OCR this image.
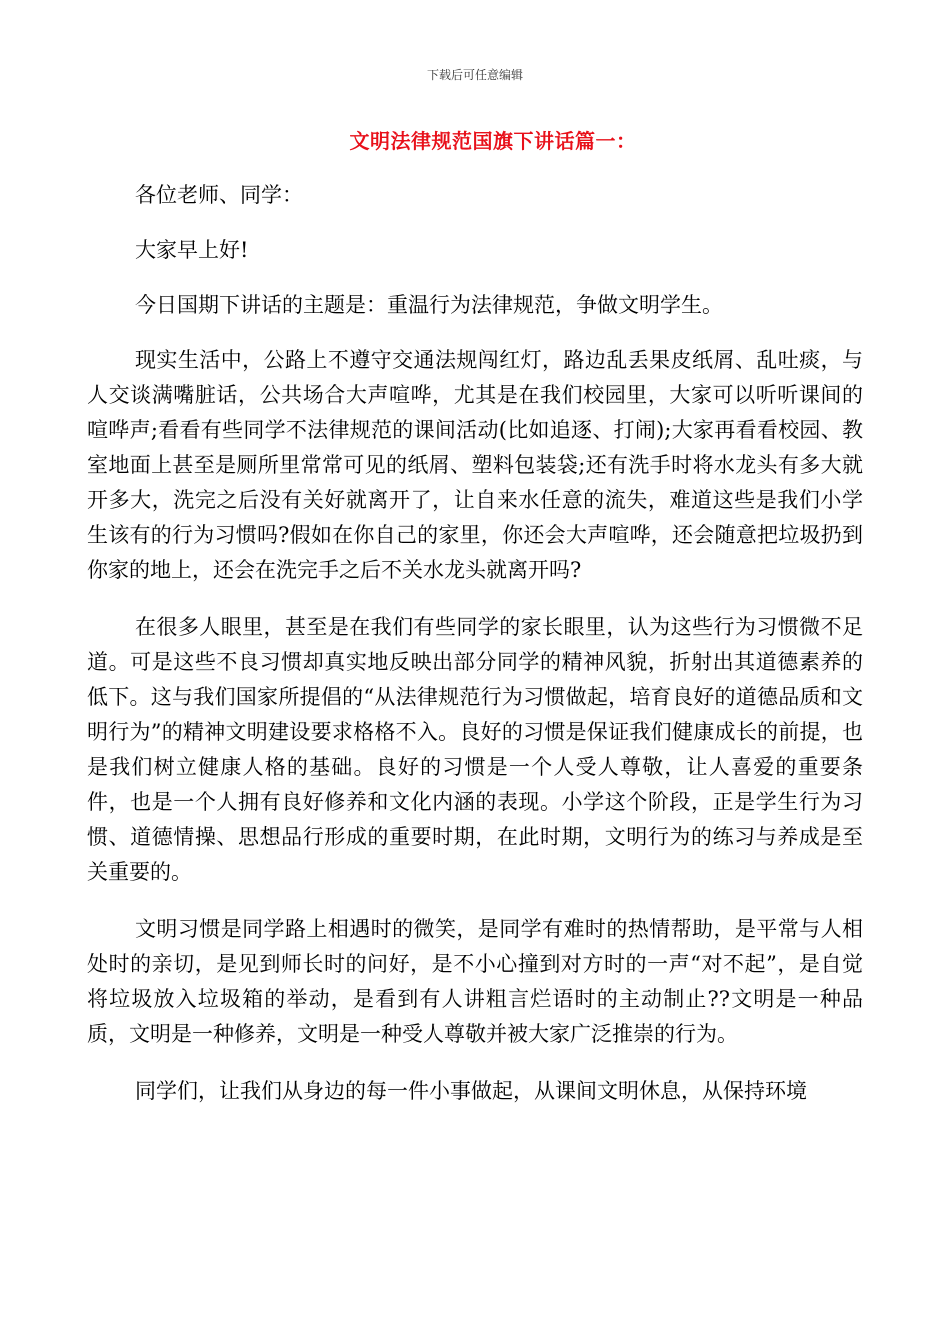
下载后可任意编辑
文明法律规范国旗下讲话篇一：

各位老师、同学：

大家早上好!

今日国期下讲话的主题是：重温行为法律规范，争做文明学生。

现实生活中，公路上不遵守交通法规闯红灯，路边乱丢果皮纸屑、乱吐痰，与人交谈满嘴脏话，公共场合大声喧哗，尤其是在我们校园里，大家可以听听课间的喧哗声;看看有些同学不法律规范的课间活动(比如追逐、打闹);大家再看看校园、教室地面上甚至是厕所里常常可见的纸屑、塑料包装袋;还有洗手时将水龙头有多大就开多大，洗完之后没有关好就离开了，让自来水任意的流失，难道这些是我们小学生该有的行为习惯吗?假如在你自己的家里，你还会大声喧哗，还会随意把垃圾扔到你家的地上，还会在洗完手之后不关水龙头就离开吗?

在很多人眼里，甚至是在我们有些同学的家长眼里，认为这些行为习惯微不足道。可是这些不良习惯却真实地反映出部分同学的精神风貌，折射出其道德素养的低下。这与我们国家所提倡的“从法律规范行为习惯做起，培育良好的道德品质和文明行为”的精神文明建设要求格格不入。良好的习惯是保证我们健康成长的前提，也是我们树立健康人格的基础。良好的习惯是一个人受人尊敬，让人喜爱的重要条件，也是一个人拥有良好修养和文化内涵的表现。小学这个阶段，正是学生行为习惯、道德情操、思想品行形成的重要时期，在此时期，文明行为的练习与养成是至关重要的。

文明习惯是同学路上相遇时的微笑，是同学有难时的热情帮助，是平常与人相处时的亲切，是见到师长时的问好，是不小心撞到对方时的一声“对不起”，是自觉将垃圾放入垃圾箱的举动，是看到有人讲粗言烂语时的主动制止??文明是一种品质，文明是一种修养，文明是一种受人尊敬并被大家广泛推崇的行为。

同学们，让我们从身边的每一件小事做起，从课间文明休息，从保持环境
